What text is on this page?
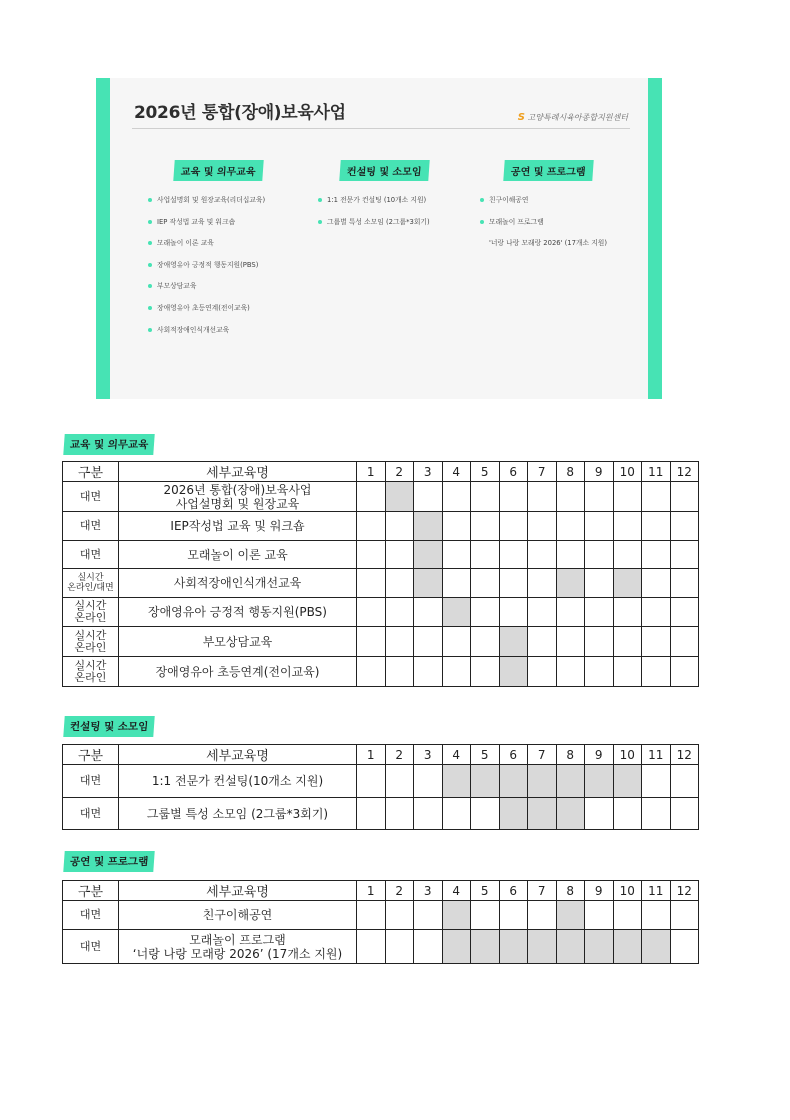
2026년 통합(장애)보육사업	S 고양특례시육아종합지원센터
교육 및 의무교육
사업설명회 및 원장교육(리더십교육)
IEP 작성법 교육 및 워크숍
모래놀이 이론 교육
장애영유아 긍정적 행동지원(PBS)
부모상담교육
장애영유아 초등연계(전이교육)
사회적장애인식개선교육
컨설팅 및 소모임
1:1 전문가 컨설팅 (10개소 지원)
그룹별 특성 소모임 (2그룹*3회기)
공연 및 프로그램
친구이해공연
모래놀이 프로그램
'너랑 나랑 모래랑 2026' (17개소 지원)
교육 및 의무교육
구분	세부교육명	1	2	3	4	5	6	7	8	9	10	11	12

대면	2026년 통합(장애)보육사업
사업설명회 및 원장교육												

대면	IEP작성법 교육 및 워크숍												

대면	모래놀이 이론 교육												

실시간
온라인/대면	사회적장애인식개선교육												

실시간
온라인	장애영유아 긍정적 행동지원(PBS)												

실시간
온라인	부모상담교육												

실시간
온라인	장애영유아 초등연계(전이교육)												

컨설팅 및 소모임
구분	세부교육명	1	2	3	4	5	6	7	8	9	10	11	12

대면	1:1 전문가 컨설팅(10개소 지원)												

대면	그룹별 특성 소모임 (2그룹*3회기)												

공연 및 프로그램
구분	세부교육명	1	2	3	4	5	6	7	8	9	10	11	12

대면	친구이해공연												

대면	모래놀이 프로그램
‘너랑 나랑 모래랑 2026’ (17개소 지원)												
